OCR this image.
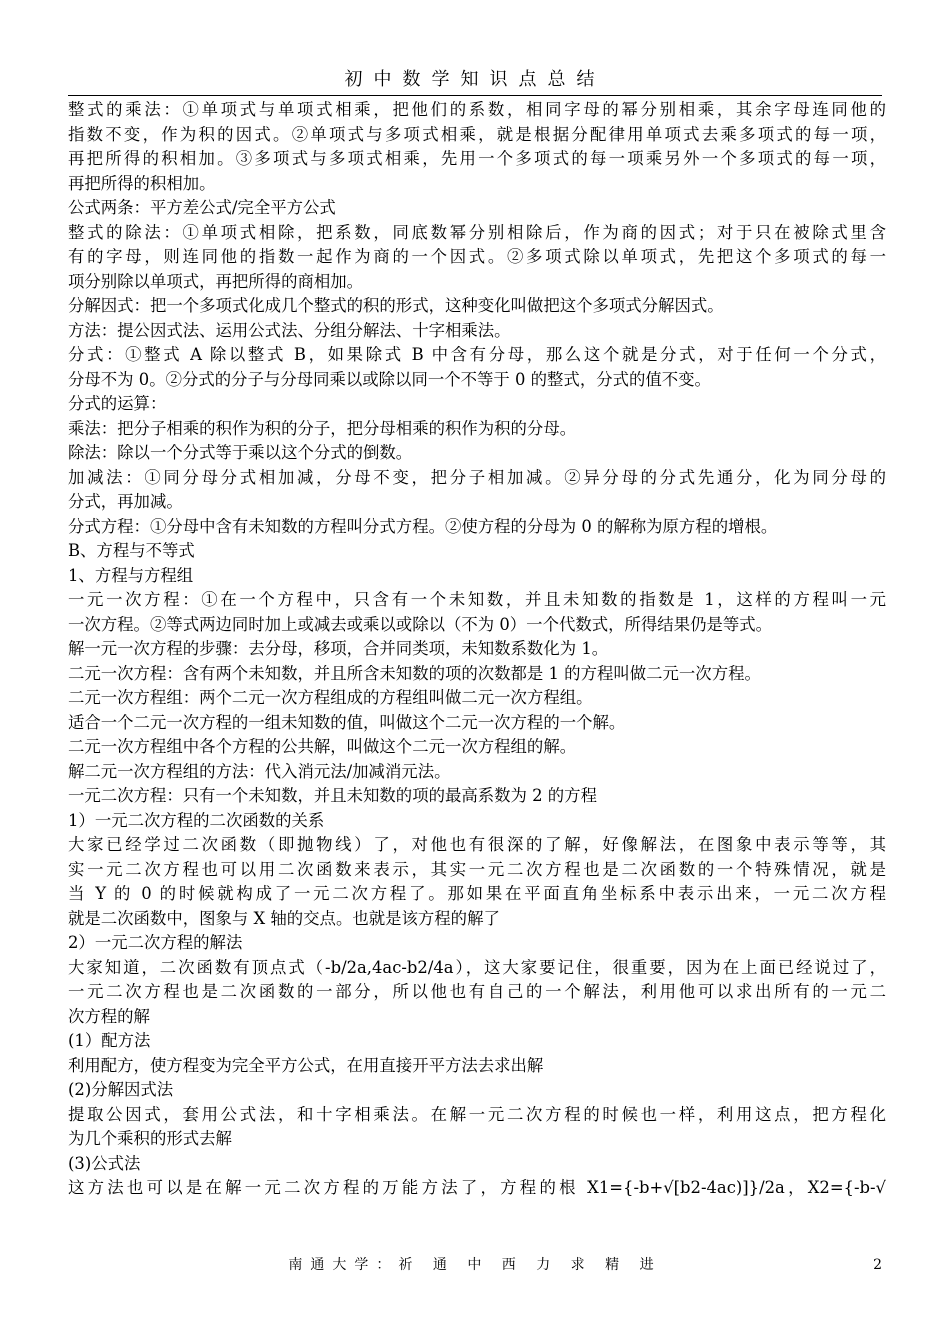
初中数学知识点总结
整式的乘法：①单项式与单项式相乘，把他们的系数，相同字母的幂分别相乘，其余字母连同他的
指数不变，作为积的因式。②单项式与多项式相乘，就是根据分配律用单项式去乘多项式的每一项，
再把所得的积相加。③多项式与多项式相乘，先用一个多项式的每一项乘另外一个多项式的每一项，
再把所得的积相加。
公式两条：平方差公式/完全平方公式
整式的除法：①单项式相除，把系数，同底数幂分别相除后，作为商的因式；对于只在被除式里含
有的字母，则连同他的指数一起作为商的一个因式。②多项式除以单项式，先把这个多项式的每一
项分别除以单项式，再把所得的商相加。
分解因式：把一个多项式化成几个整式的积的形式，这种变化叫做把这个多项式分解因式。
方法：提公因式法、运用公式法、分组分解法、十字相乘法。
分式：①整式 A 除以整式 B，如果除式 B 中含有分母，那么这个就是分式，对于任何一个分式，
分母不为 0。②分式的分子与分母同乘以或除以同一个不等于 0 的整式，分式的值不变。
分式的运算：
乘法：把分子相乘的积作为积的分子，把分母相乘的积作为积的分母。
除法：除以一个分式等于乘以这个分式的倒数。
加减法：①同分母分式相加减，分母不变，把分子相加减。②异分母的分式先通分，化为同分母的
分式，再加减。
分式方程：①分母中含有未知数的方程叫分式方程。②使方程的分母为 0 的解称为原方程的增根。
B、方程与不等式
1、方程与方程组
一元一次方程：①在一个方程中，只含有一个未知数，并且未知数的指数是 1，这样的方程叫一元
一次方程。②等式两边同时加上或减去或乘以或除以（不为 0）一个代数式，所得结果仍是等式。
解一元一次方程的步骤：去分母，移项，合并同类项，未知数系数化为 1。
二元一次方程：含有两个未知数，并且所含未知数的项的次数都是 1 的方程叫做二元一次方程。
二元一次方程组：两个二元一次方程组成的方程组叫做二元一次方程组。
适合一个二元一次方程的一组未知数的值，叫做这个二元一次方程的一个解。
二元一次方程组中各个方程的公共解，叫做这个二元一次方程组的解。
解二元一次方程组的方法：代入消元法/加减消元法。
一元二次方程：只有一个未知数，并且未知数的项的最高系数为 2 的方程
1）一元二次方程的二次函数的关系
大家已经学过二次函数（即抛物线）了，对他也有很深的了解，好像解法，在图象中表示等等，其
实一元二次方程也可以用二次函数来表示，其实一元二次方程也是二次函数的一个特殊情况，就是
当 Y 的 0 的时候就构成了一元二次方程了。那如果在平面直角坐标系中表示出来，一元二次方程
就是二次函数中，图象与 X 轴的交点。也就是该方程的解了
2）一元二次方程的解法
大家知道，二次函数有顶点式（-b/2a,4ac-b2/4a），这大家要记住，很重要，因为在上面已经说过了，
一元二次方程也是二次函数的一部分，所以他也有自己的一个解法，利用他可以求出所有的一元二
次方程的解
(1）配方法
利用配方，使方程变为完全平方公式，在用直接开平方法去求出解
(2)分解因式法
提取公因式，套用公式法，和十字相乘法。在解一元二次方程的时候也一样，利用这点，把方程化
为几个乘积的形式去解
(3)公式法
这方法也可以是在解一元二次方程的万能方法了，方程的根 X1={-b+√[b2-4ac)]}/2a，X2={-b-√
南通大学：祈 通 中 西 力 求 精 进	2
